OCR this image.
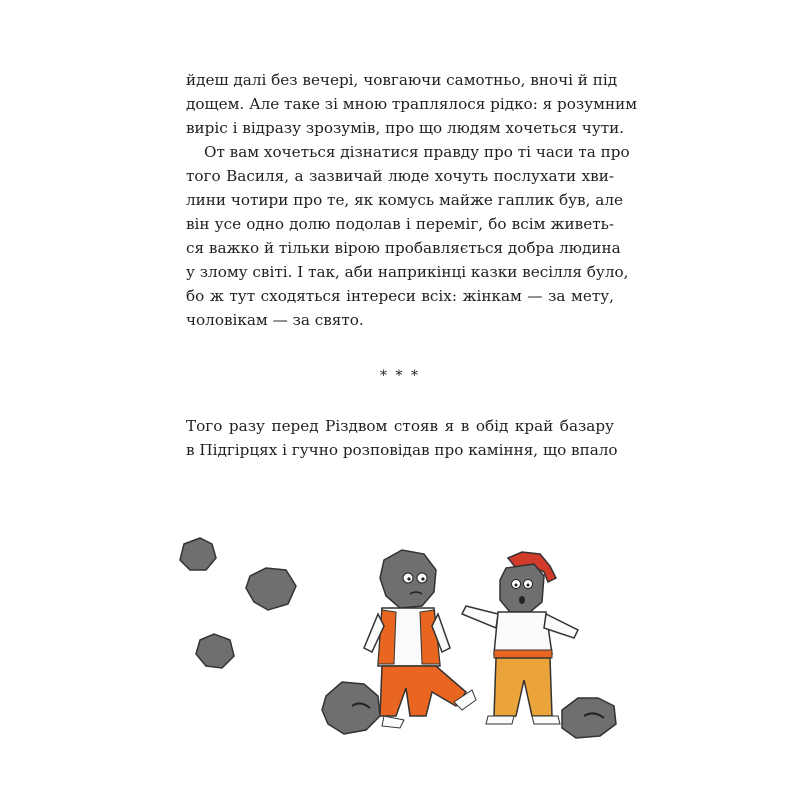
йдеш далі без вечері, човгаючи самотньо, вночі й під
дощем. Але таке зі мною траплялося рідко: я розумним
виріс і відразу зрозумів, про що людям хочеться чути.
От вам хочеться дізнатися правду про ті часи та про
того Василя, а зазвичай люде хочуть послухати хви-
лини чотири про те, як комусь майже гаплик був, але
він усе одно долю подолав і переміг, бо всім живеть-
ся важко й тільки вірою пробавляється добра людина
у злому світі. І так, аби наприкінці казки весілля було,
бо ж тут сходяться інтереси всіх: жінкам — за мету,
чоловікам — за свято.
* * *
Того разу перед Різдвом стояв я в обід край базару
в Підгірцях і гучно розповідав про каміння, що впало
